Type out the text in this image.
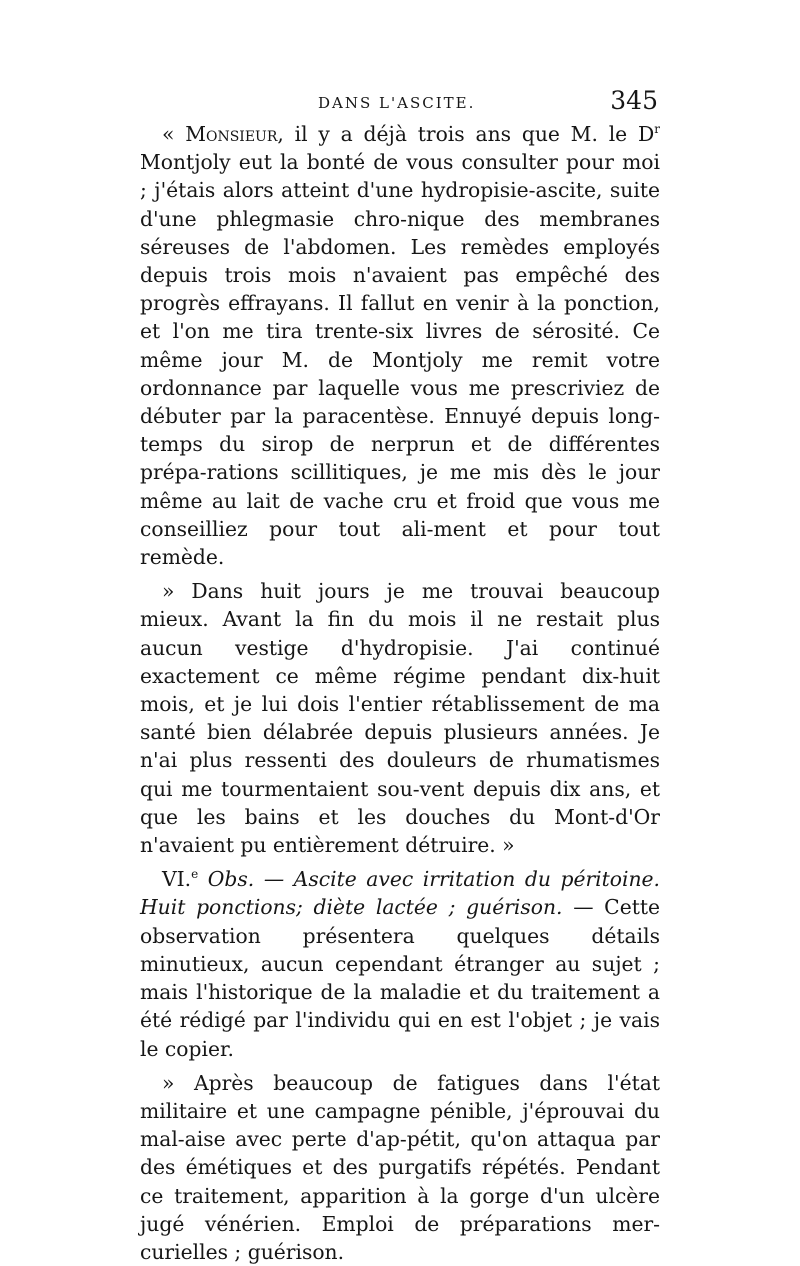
DANS L'ASCITE.	345

« Monsieur, il y a déjà trois ans que M. le $D^r$ Montjoly eut la bonté de vous consulter pour moi ; j'étais alors atteint d'une hydropisie-ascite, suite d'une phlegmasie chro-nique des membranes séreuses de l'abdomen. Les remèdes employés depuis trois mois n'avaient pas empêché des progrès effrayans. Il fallut en venir à la ponction, et l'on me tira trente-six livres de sérosité. Ce même jour M. de Montjoly me remit votre ordonnance par laquelle vous me prescriviez de débuter par la paracentèse. Ennuyé depuis long-temps du sirop de nerprun et de différentes prépa-rations scillitiques, je me mis dès le jour même au lait de vache cru et froid que vous me conseilliez pour tout ali-ment et pour tout remède.

» Dans huit jours je me trouvai beaucoup mieux. Avant la fin du mois il ne restait plus aucun vestige d'hydropisie. J'ai continué exactement ce même régime pendant dix-huit mois, et je lui dois l'entier rétablissement de ma santé bien délabrée depuis plusieurs années. Je n'ai plus ressenti des douleurs de rhumatismes qui me tourmentaient sou-vent depuis dix ans, et que les bains et les douches du Mont-d'Or n'avaient pu entièrement détruire. »

VI.$^e$ Obs. — Ascite avec irritation du péritoine. Huit ponctions; diète lactée ; guérison. — Cette observation présentera quelques détails minutieux, aucun cependant étranger au sujet ; mais l'historique de la maladie et du traitement a été rédigé par l'individu qui en est l'objet ; je vais le copier.

» Après beaucoup de fatigues dans l'état militaire et une campagne pénible, j'éprouvai du mal-aise avec perte d'ap-pétit, qu'on attaqua par des émétiques et des purgatifs répétés. Pendant ce traitement, apparition à la gorge d'un ulcère jugé vénérien. Emploi de préparations mer-curielles ; guérison.
